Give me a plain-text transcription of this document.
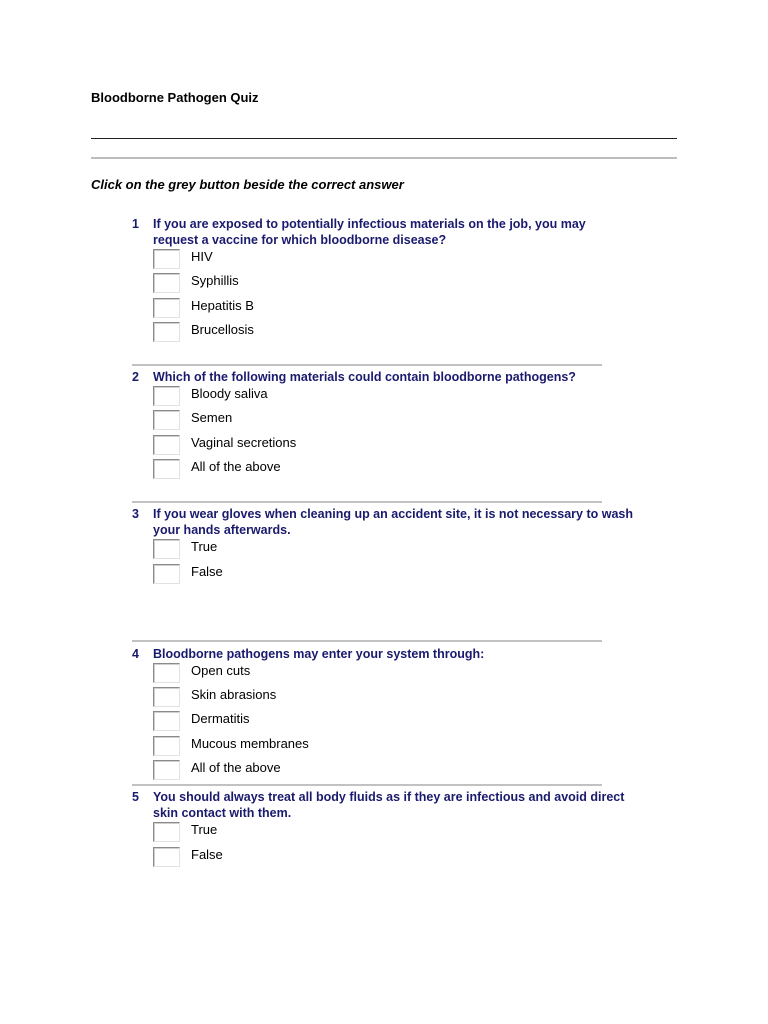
Bloodborne Pathogen Quiz
Click on the grey button beside the correct answer
1	If you are exposed to potentially infectious materials on the job, you may request a vaccine for which bloodborne disease?
HIV
Syphillis
Hepatitis B
Brucellosis
2	Which of the following materials could contain bloodborne pathogens?
Bloody saliva
Semen
Vaginal secretions
All of the above
3	If you wear gloves when cleaning up an accident site, it is not necessary to wash your hands afterwards.
True
False
4	Bloodborne pathogens may enter your system through:
Open cuts
Skin abrasions
Dermatitis
Mucous membranes
All of the above
5	You should always treat all body fluids as if they are infectious and avoid direct skin contact with them.
True
False
